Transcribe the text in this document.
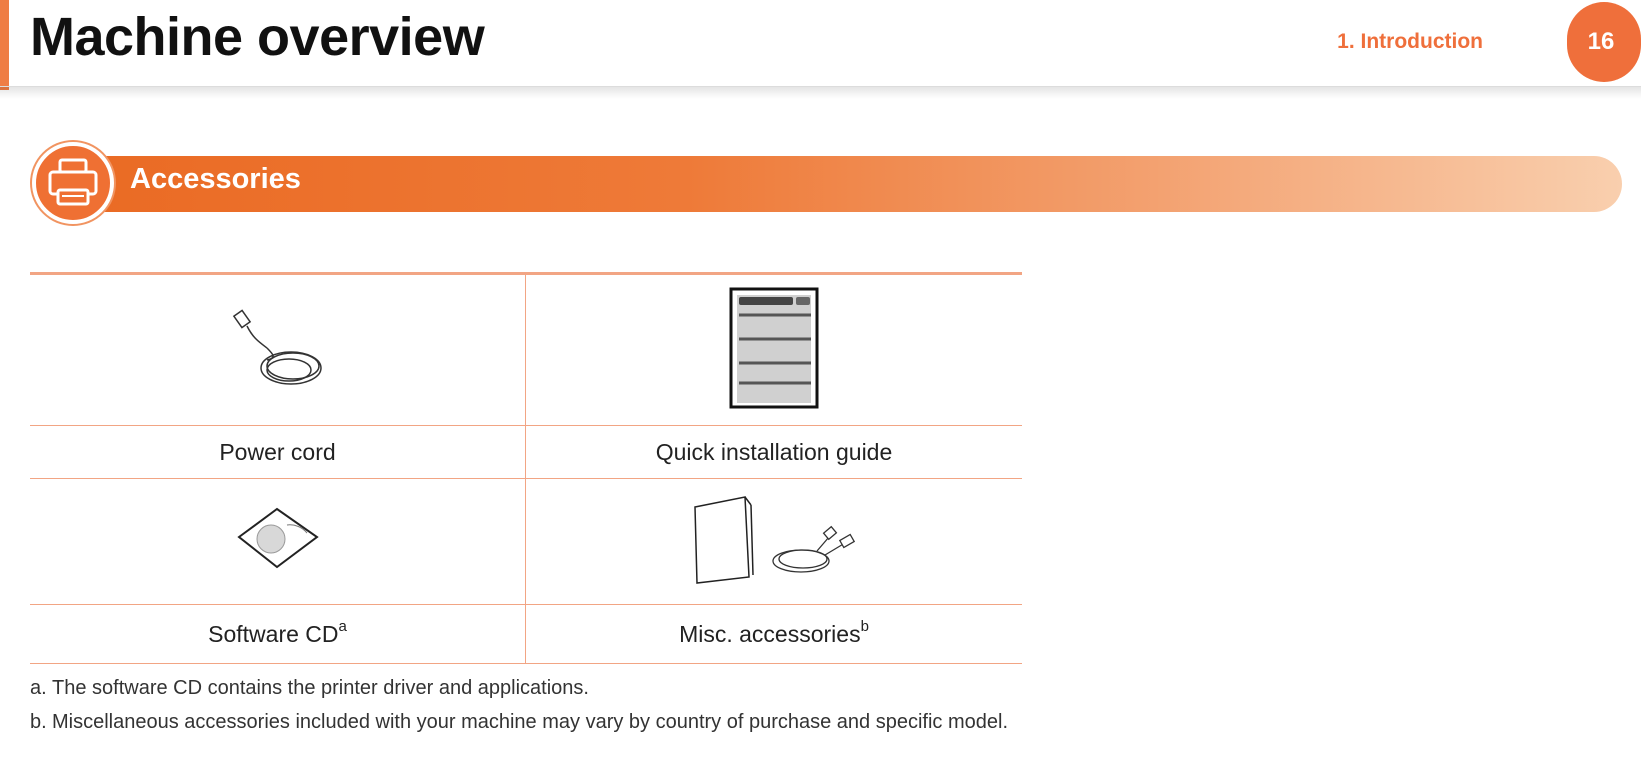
Machine overview	1. Introduction	16
Accessories

Power cord	Quick installation guide

Software $CD^a$	Misc. accessories$^b$
a. The software CD contains the printer driver and applications.
b. Miscellaneous accessories included with your machine may vary by country of purchase and specific model.
